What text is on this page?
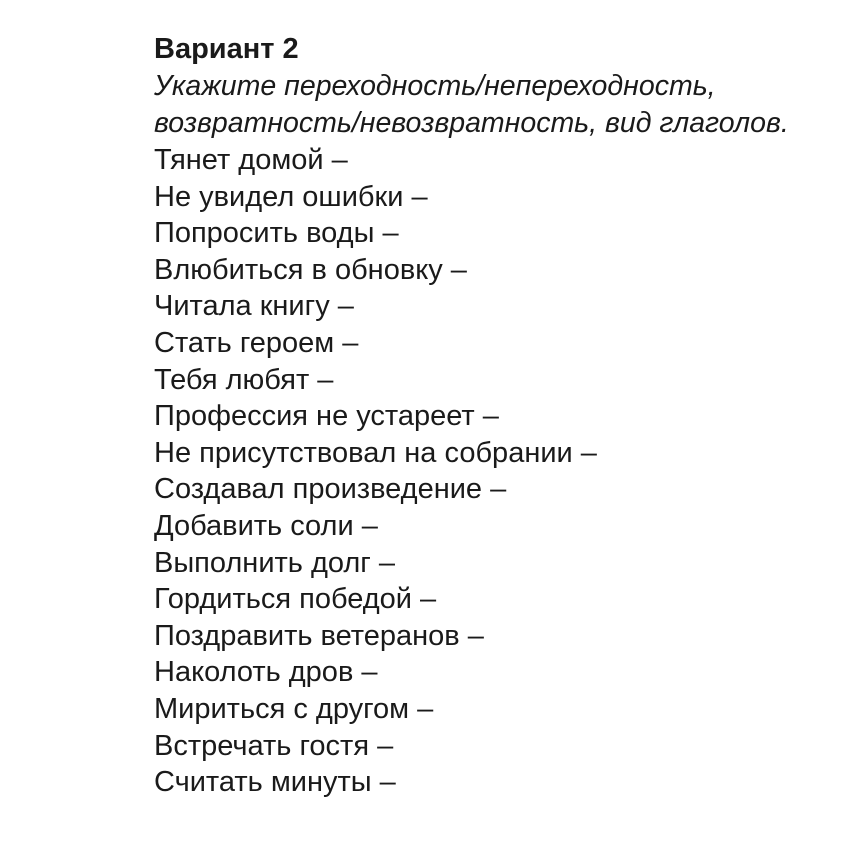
Вариант 2
Укажите переходность/непереходность,
возвратность/невозвратность, вид глаголов.
Тянет домой –
Не увидел ошибки –
Попросить воды –
Влюбиться в обновку –
Читала книгу –
Стать героем –
Тебя любят –
Профессия не устареет –
Не присутствовал на собрании –
Создавал произведение –
Добавить соли –
Выполнить долг –
Гордиться победой –
Поздравить ветеранов –
Наколоть дров –
Мириться с другом –
Встречать гостя –
Считать минуты –
